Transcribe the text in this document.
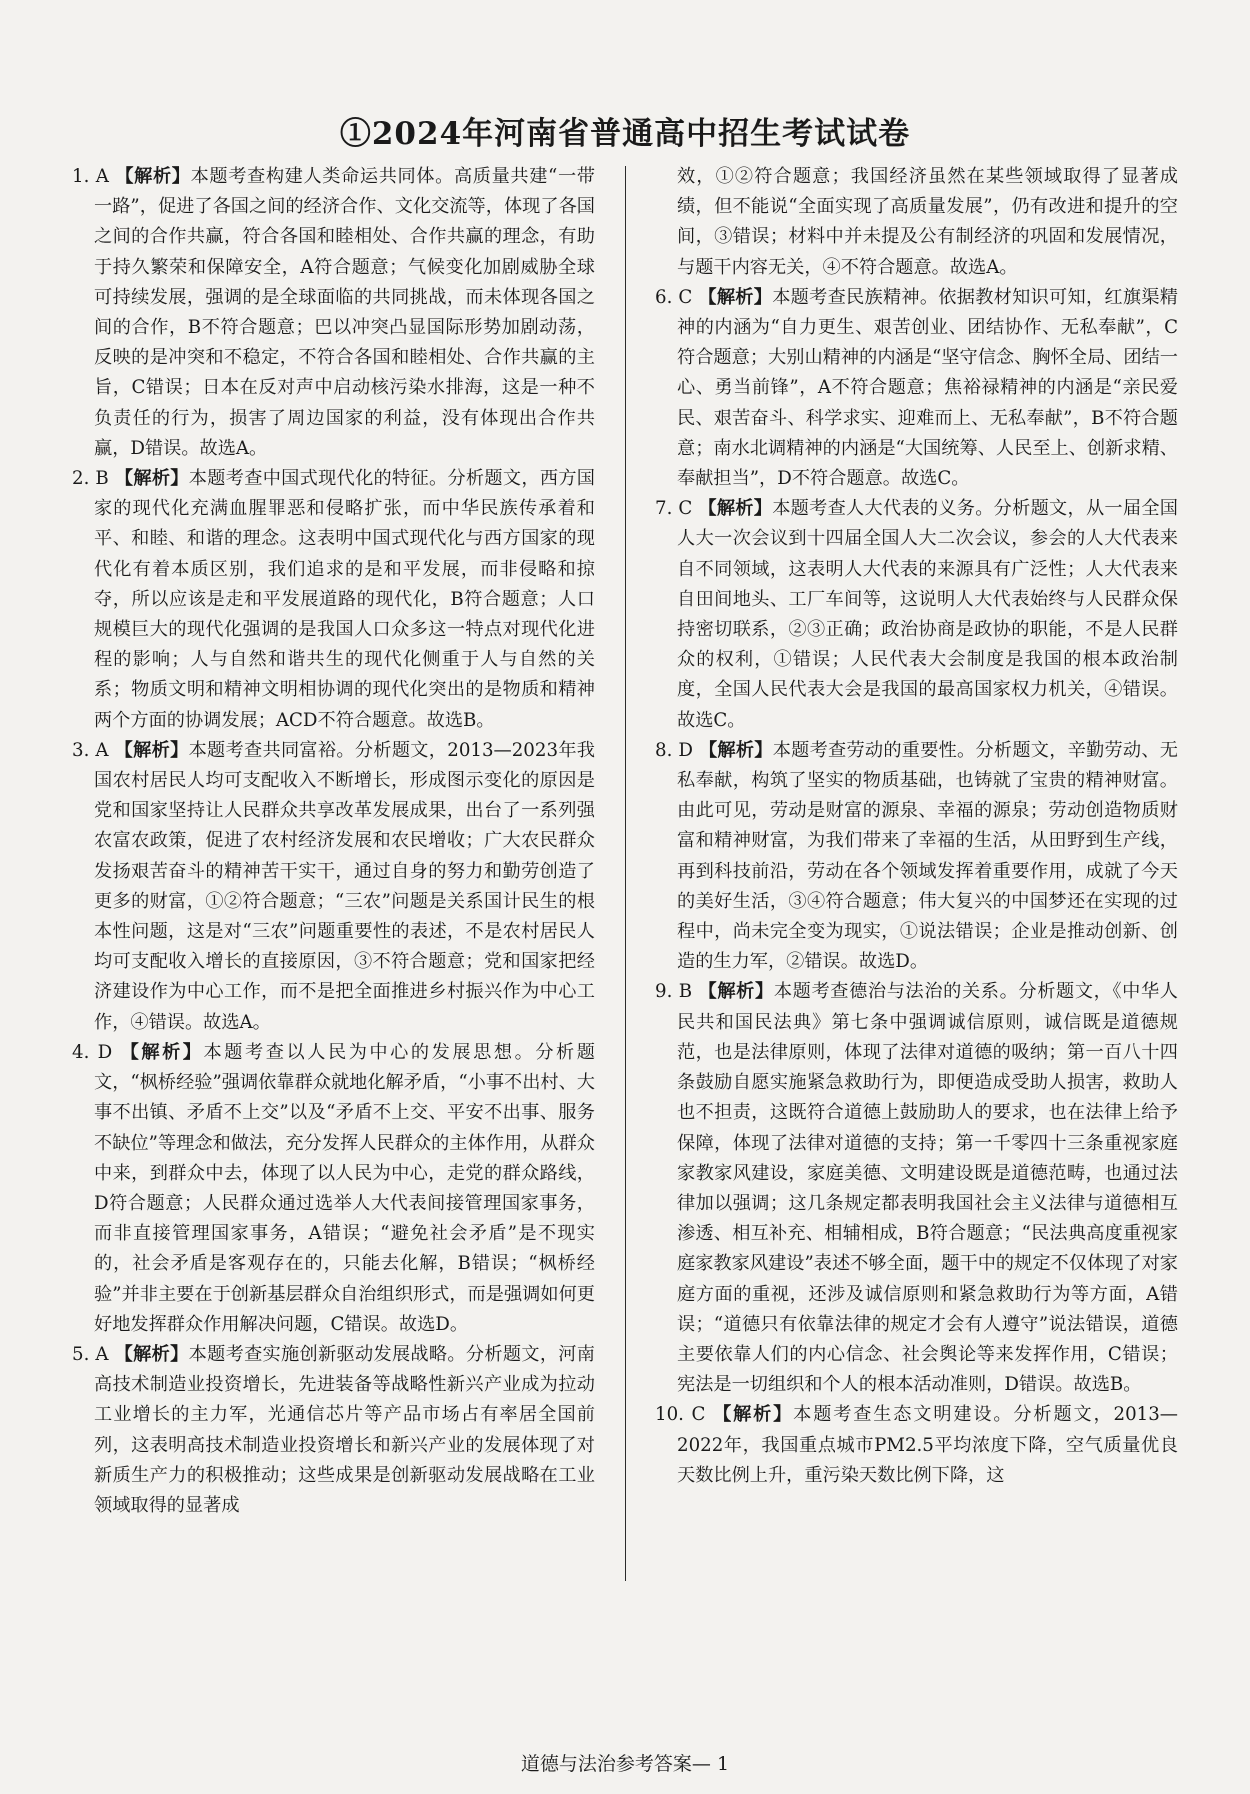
①2024年河南省普通高中招生考试试卷

1. A 【解析】本题考查构建人类命运共同体。高质量共建“一带一路”，促进了各国之间的经济合作、文化交流等，体现了各国之间的合作共赢，符合各国和睦相处、合作共赢的理念，有助于持久繁荣和保障安全，A符合题意；气候变化加剧威胁全球可持续发展，强调的是全球面临的共同挑战，而未体现各国之间的合作，B不符合题意；巴以冲突凸显国际形势加剧动荡，反映的是冲突和不稳定，不符合各国和睦相处、合作共赢的主旨，C错误；日本在反对声中启动核污染水排海，这是一种不负责任的行为，损害了周边国家的利益，没有体现出合作共赢，D错误。故选A。

2. B 【解析】本题考查中国式现代化的特征。分析题文，西方国家的现代化充满血腥罪恶和侵略扩张，而中华民族传承着和平、和睦、和谐的理念。这表明中国式现代化与西方国家的现代化有着本质区别，我们追求的是和平发展，而非侵略和掠夺，所以应该是走和平发展道路的现代化，B符合题意；人口规模巨大的现代化强调的是我国人口众多这一特点对现代化进程的影响；人与自然和谐共生的现代化侧重于人与自然的关系；物质文明和精神文明相协调的现代化突出的是物质和精神两个方面的协调发展；ACD不符合题意。故选B。

3. A 【解析】本题考查共同富裕。分析题文，2013—2023年我国农村居民人均可支配收入不断增长，形成图示变化的原因是党和国家坚持让人民群众共享改革发展成果，出台了一系列强农富农政策，促进了农村经济发展和农民增收；广大农民群众发扬艰苦奋斗的精神苦干实干，通过自身的努力和勤劳创造了更多的财富，①②符合题意；“三农”问题是关系国计民生的根本性问题，这是对“三农”问题重要性的表述，不是农村居民人均可支配收入增长的直接原因，③不符合题意；党和国家把经济建设作为中心工作，而不是把全面推进乡村振兴作为中心工作，④错误。故选A。

4. D 【解析】本题考查以人民为中心的发展思想。分析题文，“枫桥经验”强调依靠群众就地化解矛盾，“小事不出村、大事不出镇、矛盾不上交”以及“矛盾不上交、平安不出事、服务不缺位”等理念和做法，充分发挥人民群众的主体作用，从群众中来，到群众中去，体现了以人民为中心，走党的群众路线，D符合题意；人民群众通过选举人大代表间接管理国家事务，而非直接管理国家事务，A错误；“避免社会矛盾”是不现实的，社会矛盾是客观存在的，只能去化解，B错误；“枫桥经验”并非主要在于创新基层群众自治组织形式，而是强调如何更好地发挥群众作用解决问题，C错误。故选D。

5. A 【解析】本题考查实施创新驱动发展战略。分析题文，河南高技术制造业投资增长，先进装备等战略性新兴产业成为拉动工业增长的主力军，光通信芯片等产品市场占有率居全国前列，这表明高技术制造业投资增长和新兴产业的发展体现了对新质生产力的积极推动；这些成果是创新驱动发展战略在工业领域取得的显著成

效，①②符合题意；我国经济虽然在某些领域取得了显著成绩，但不能说“全面实现了高质量发展”，仍有改进和提升的空间，③错误；材料中并未提及公有制经济的巩固和发展情况，与题干内容无关，④不符合题意。故选A。

6. C 【解析】本题考查民族精神。依据教材知识可知，红旗渠精神的内涵为“自力更生、艰苦创业、团结协作、无私奉献”，C符合题意；大别山精神的内涵是“坚守信念、胸怀全局、团结一心、勇当前锋”，A不符合题意；焦裕禄精神的内涵是“亲民爱民、艰苦奋斗、科学求实、迎难而上、无私奉献”，B不符合题意；南水北调精神的内涵是“大国统筹、人民至上、创新求精、奉献担当”，D不符合题意。故选C。

7. C 【解析】本题考查人大代表的义务。分析题文，从一届全国人大一次会议到十四届全国人大二次会议，参会的人大代表来自不同领域，这表明人大代表的来源具有广泛性；人大代表来自田间地头、工厂车间等，这说明人大代表始终与人民群众保持密切联系，②③正确；政治协商是政协的职能，不是人民群众的权利，①错误；人民代表大会制度是我国的根本政治制度，全国人民代表大会是我国的最高国家权力机关，④错误。故选C。

8. D 【解析】本题考查劳动的重要性。分析题文，辛勤劳动、无私奉献，构筑了坚实的物质基础，也铸就了宝贵的精神财富。由此可见，劳动是财富的源泉、幸福的源泉；劳动创造物质财富和精神财富，为我们带来了幸福的生活，从田野到生产线，再到科技前沿，劳动在各个领域发挥着重要作用，成就了今天的美好生活，③④符合题意；伟大复兴的中国梦还在实现的过程中，尚未完全变为现实，①说法错误；企业是推动创新、创造的生力军，②错误。故选D。

9. B 【解析】本题考查德治与法治的关系。分析题文，《中华人民共和国民法典》第七条中强调诚信原则，诚信既是道德规范，也是法律原则，体现了法律对道德的吸纳；第一百八十四条鼓励自愿实施紧急救助行为，即便造成受助人损害，救助人也不担责，这既符合道德上鼓励助人的要求，也在法律上给予保障，体现了法律对道德的支持；第一千零四十三条重视家庭家教家风建设，家庭美德、文明建设既是道德范畴，也通过法律加以强调；这几条规定都表明我国社会主义法律与道德相互渗透、相互补充、相辅相成，B符合题意；“民法典高度重视家庭家教家风建设”表述不够全面，题干中的规定不仅体现了对家庭方面的重视，还涉及诚信原则和紧急救助行为等方面，A错误；“道德只有依靠法律的规定才会有人遵守”说法错误，道德主要依靠人们的内心信念、社会舆论等来发挥作用，C错误；宪法是一切组织和个人的根本活动准则，D错误。故选B。

10. C 【解析】本题考查生态文明建设。分析题文，2013—2022年，我国重点城市PM2.5平均浓度下降，空气质量优良天数比例上升，重污染天数比例下降，这

道德与法治参考答案— 1
